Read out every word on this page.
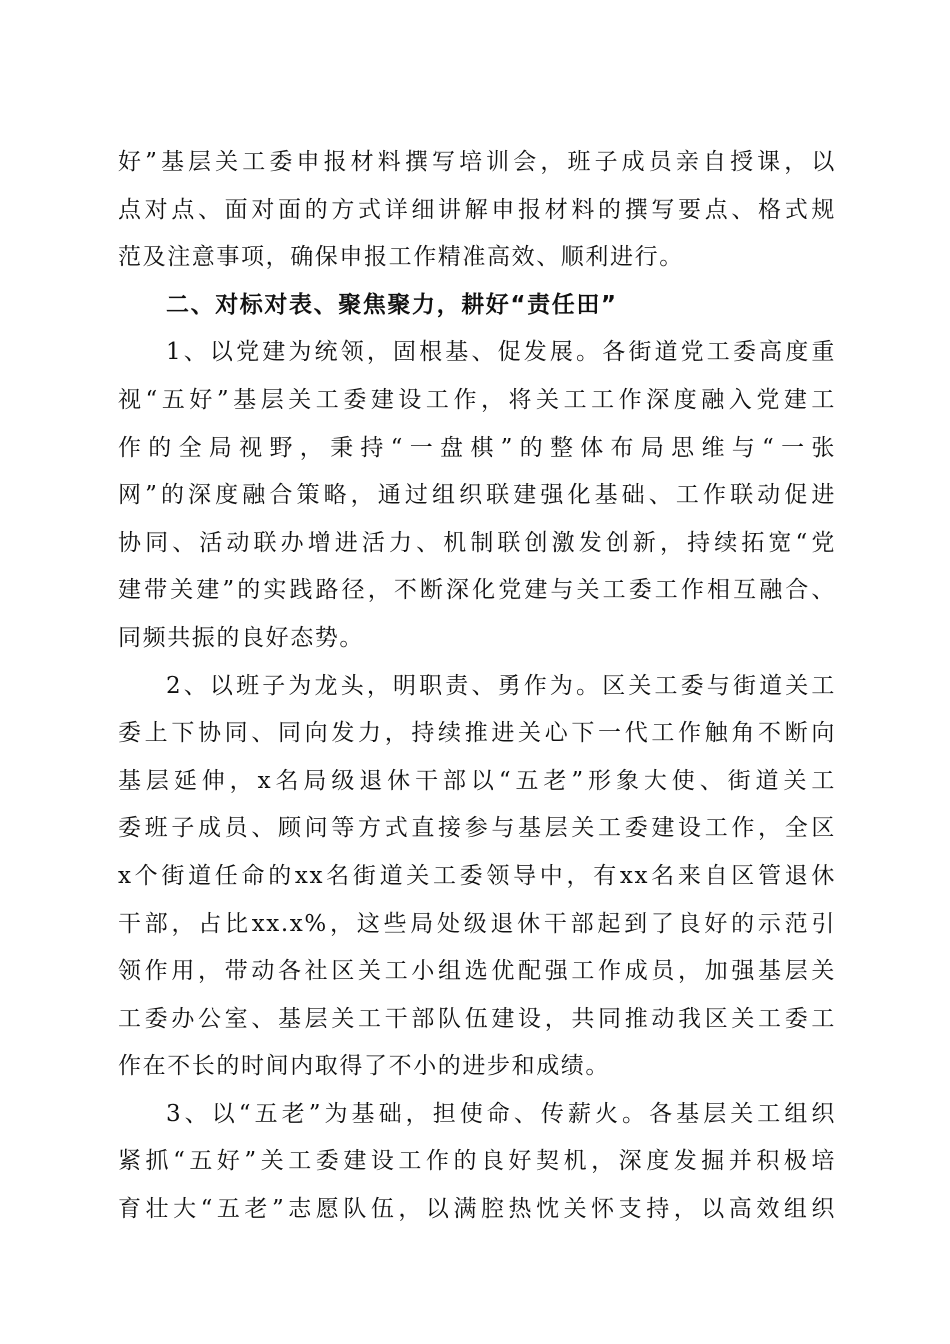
好”基层关工委申报材料撰写培训会，班子成员亲自授课，以
点对点、面对面的方式详细讲解申报材料的撰写要点、格式规
范及注意事项，确保申报工作精准高效、顺利进行。
二、对标对表、聚焦聚力，耕好“责任田”
1、以党建为统领，固根基、促发展。各街道党工委高度重
视“五好”基层关工委建设工作，将关工工作深度融入党建工
作的全局视野，秉持“一盘棋”的整体布局思维与“一张
网”的深度融合策略，通过组织联建强化基础、工作联动促进
协同、活动联办增进活力、机制联创激发创新，持续拓宽“党
建带关建”的实践路径，不断深化党建与关工委工作相互融合、
同频共振的良好态势。
2、以班子为龙头，明职责、勇作为。区关工委与街道关工
委上下协同、同向发力，持续推进关心下一代工作触角不断向
基层延伸，x名局级退休干部以“五老”形象大使、街道关工
委班子成员、顾问等方式直接参与基层关工委建设工作，全区
x个街道任命的xx名街道关工委领导中，有xx名来自区管退休
干部，占比xx.x%，这些局处级退休干部起到了良好的示范引
领作用，带动各社区关工小组选优配强工作成员，加强基层关
工委办公室、基层关工干部队伍建设，共同推动我区关工委工
作在不长的时间内取得了不小的进步和成绩。
3、以“五老”为基础，担使命、传薪火。各基层关工组织
紧抓“五好”关工委建设工作的良好契机，深度发掘并积极培
育壮大“五老”志愿队伍，以满腔热忱关怀支持，以高效组织
